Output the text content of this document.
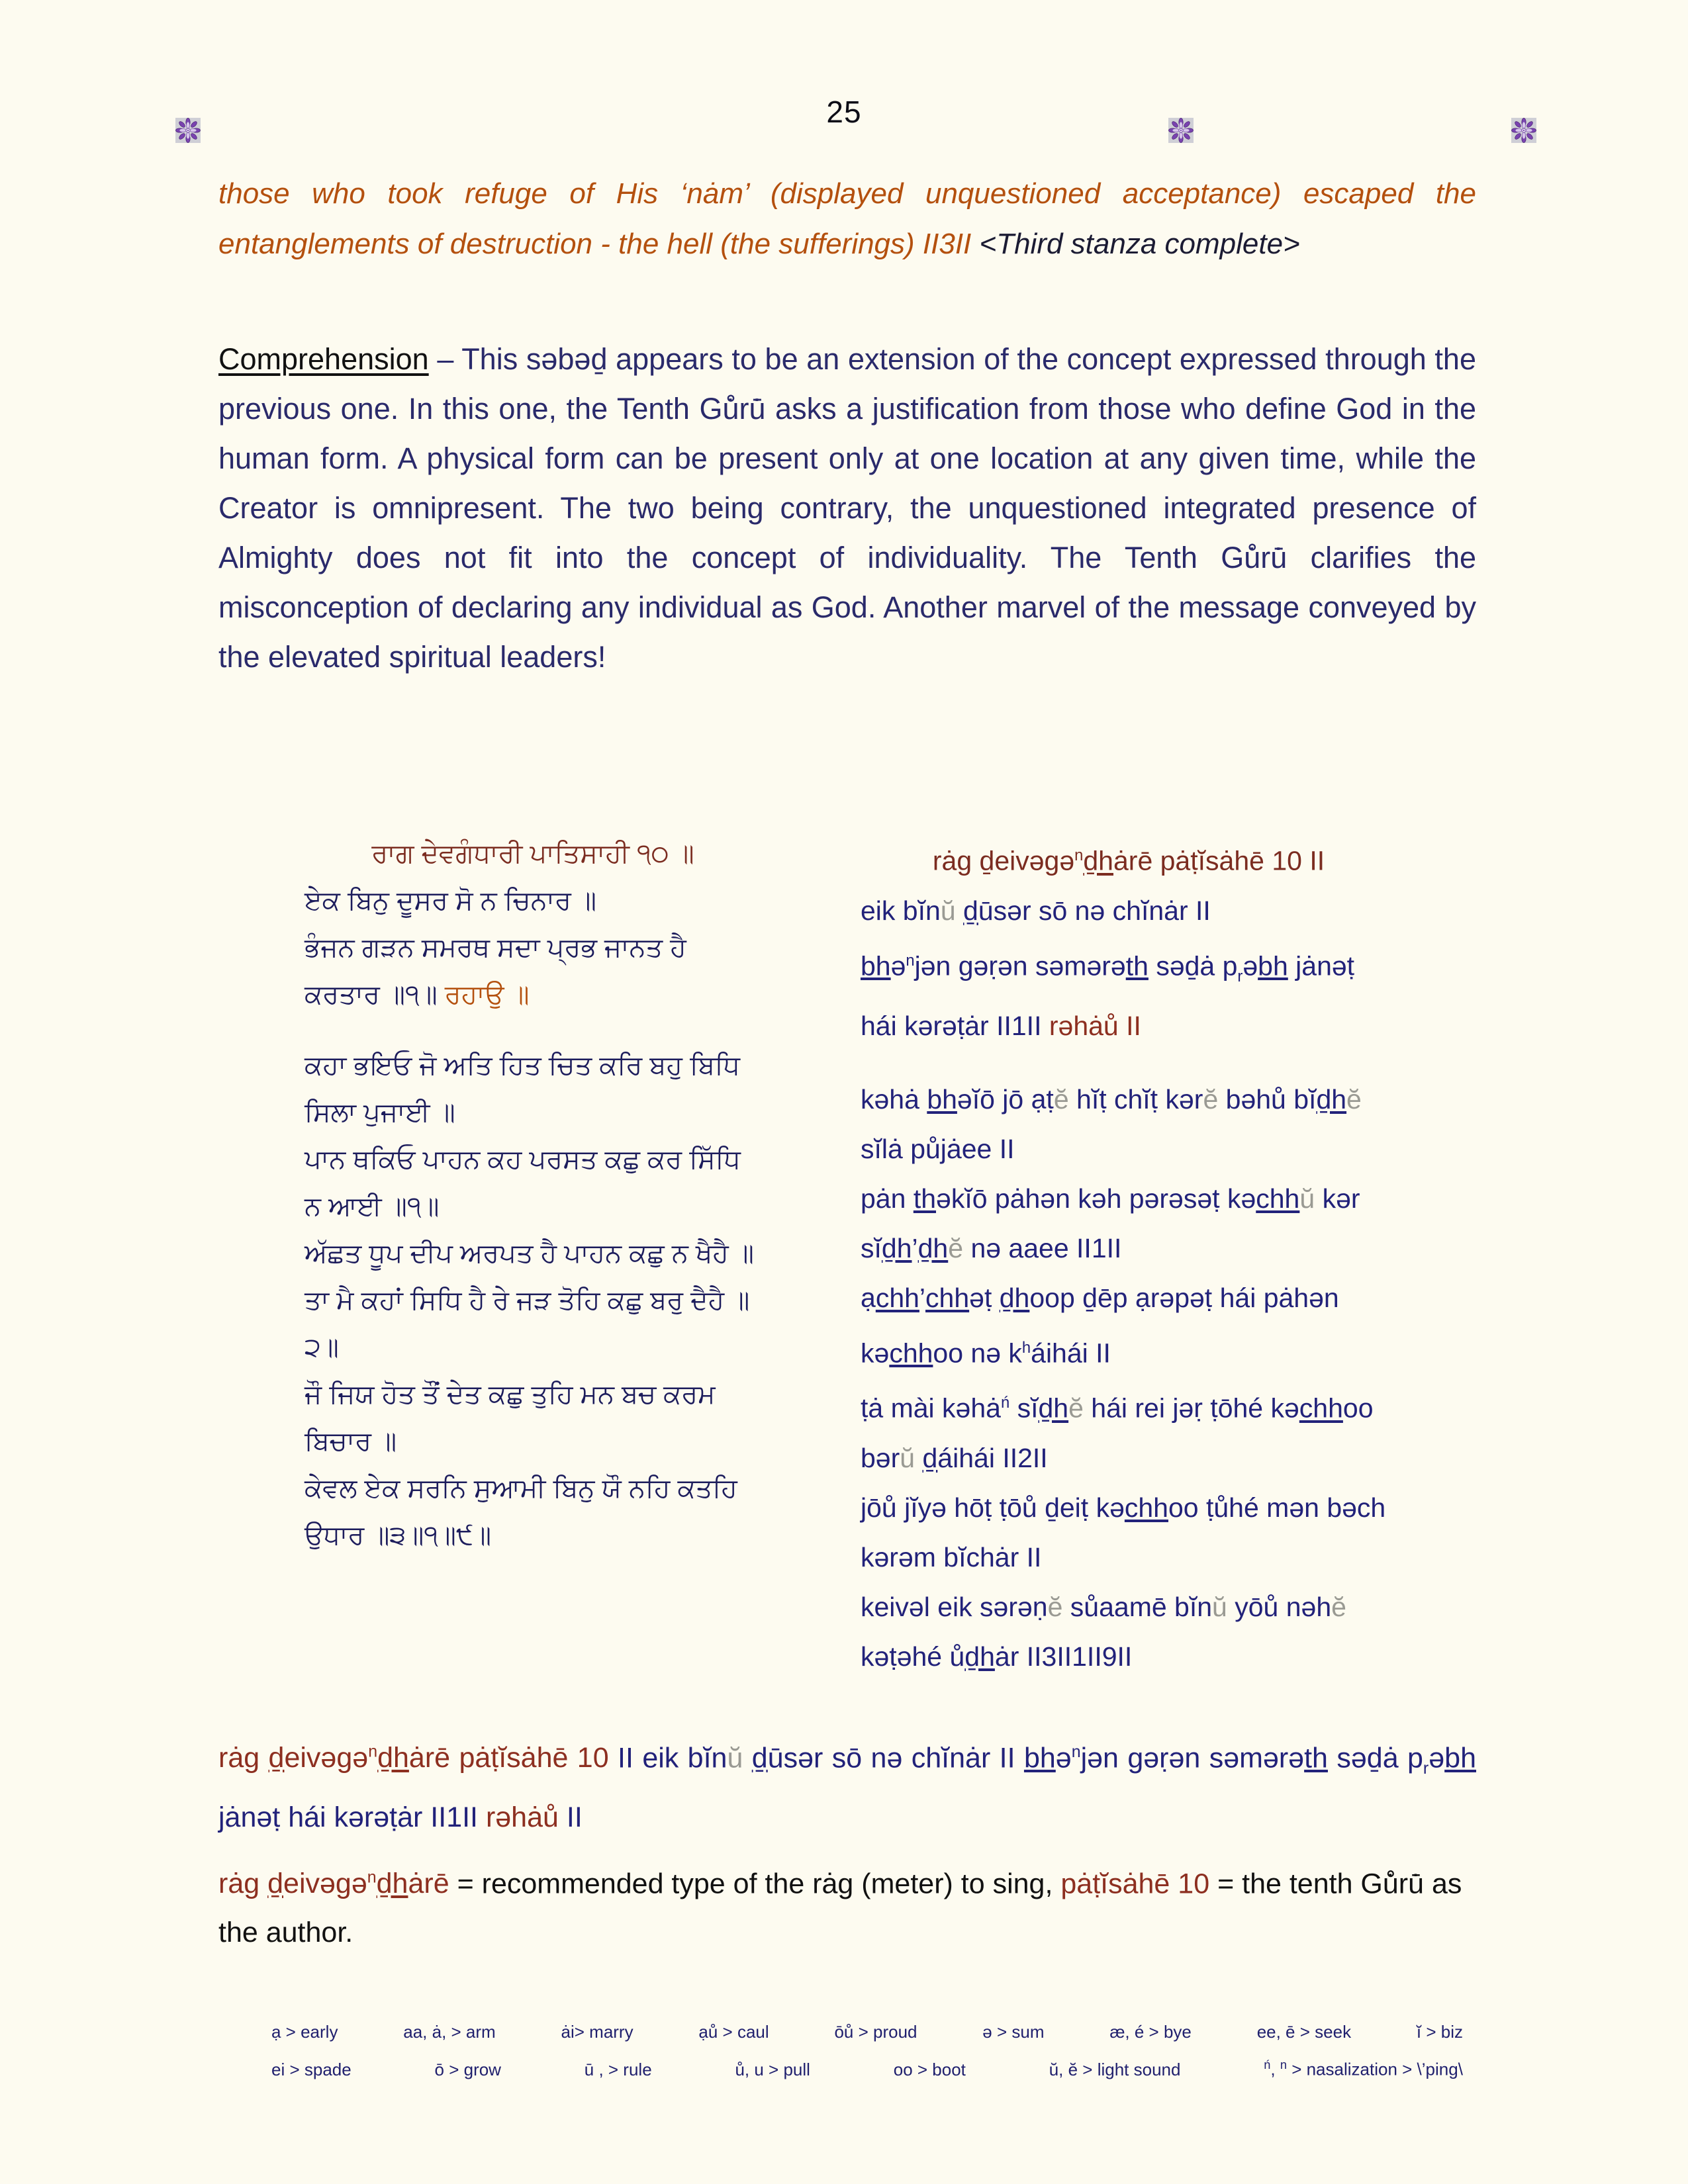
25
those who took refuge of His ‘nȧm’ (displayed unquestioned acceptance) escaped the entanglements of destruction - the hell (the sufferings) II3II <Third stanza complete>
Comprehension – This səbəḏ appears to be an extension of the concept expressed through the previous one. In this one, the Tenth Gů̇rū̇ asks a justification from those who define God in the human form. A physical form can be present only at one location at any given time, while the Creator is omnipresent. The two being contrary, the unquestioned integrated presence of Almighty does not fit into the concept of individuality. The Tenth Gů̇rū̇ clarifies the misconception of declaring any individual as God. Another marvel of the message conveyed by the elevated spiritual leaders!
ਰਾਗ ਦੇਵਗੰਧਾਰੀ ਪਾਤਿਸਾਹੀ ੧੦ ॥
ਏਕ ਬਿਨੁ ਦੂਸਰ ਸੋ ਨ ਚਿਨਾਰ ॥
ਭੰਜਨ ਗੜਨ ਸਮਰਥ ਸਦਾ ਪ੍ਰਭ ਜਾਨਤ ਹੈ ਕਰਤਾਰ ॥੧॥ ਰਹਾਉ ॥
ਕਹਾ ਭਇਓ ਜੋ ਅਤਿ ਹਿਤ ਚਿਤ ਕਰਿ ਬਹੁ ਬਿਧਿ ਸਿਲਾ ਪੁਜਾਈ ॥
ਪਾਨ ਥਕਿਓ ਪਾਹਨ ਕਹ ਪਰਸਤ ਕਛੁ ਕਰ ਸਿੱਧਿ ਨ ਆਈ ॥੧॥
ਅੱਛਤ ਧੂਪ ਦੀਪ ਅਰਪਤ ਹੈ ਪਾਹਨ ਕਛੁ ਨ ਖੈਹੈ ॥
ਤਾ ਮੈ ਕਹਾਂ ਸਿਧਿ ਹੈ ਰੇ ਜੜ ਤੋਹਿ ਕਛੁ ਬਰੁ ਦੈਹੈ ॥੨॥
ਜੌ ਜਿਯ ਹੋਤ ਤੌਂ ਦੇਤ ਕਛੁ ਤੁਹਿ ਮਨ ਬਚ ਕਰਮ ਬਿਚਾਰ ॥
ਕੇਵਲ ਏਕ ਸਰਨਿ ਸੁਆਮੀ ਬਿਨੁ ਯੌ ਨਹਿ ਕਤਹਿ ਉਧਾਰ ॥੩॥੧॥੯॥
rȧg ḏeivəgə$^n$ḏhȧrē pȧṭĭsȧhē 10 II
eik bĭnŭ ḏūsər sō nə chĭnȧr II
bhə$^n$jən gəṛən səmərəth səḏȧ $p_rəbh$ jȧnəṭ hái kərəṭȧr II1II rəhȧů II
kəhȧ bhəĭō jō ạṭĕ hĭṭ chĭṭ kərĕ bəhů bĭḏhĕ sĭlȧ půjȧee II
pȧn thəkĭō pȧhən kəh pərəsəṭ kəchhŭ kər sĭḏh’ḏhĕ nə aaee II1II
ạchh’chhəṭ ḏhoop ḏēp ạrəpəṭ hái pȧhən kəchhoo nə $k^háihái$ II
ṭȧ mài kəhȧ$^ń$ sĭḏhĕ hái rei jəṛ ṭōhé kəchhoo bərŭ ḏáihái II2II
jōů jĭyə hōṭ ṭōů ḏeiṭ kəchhoo ṭůhé mən bəch kərəm bĭchȧr II
keivəl eik sərəṇĕ sůaamē bĭnŭ yōů nəhĕ kəṭəhé ůḏhȧr II3II1II9II
rȧg ḏeivəgə$^n$ḏhȧrē pȧṭĭsȧhē 10 II eik bĭnŭ ḏūsər sō nə chĭnȧr II bhə$^n$jən gəṛən səmərəth səḏȧ $p_rəbh$ jȧnəṭ hái kərəṭȧr II1II rəhȧů II
rȧg ḏeivəgə$^n$ḏhȧrē = recommended type of the rȧg (meter) to sing, pȧṭĭsȧhē 10 = the tenth Gů̇rū̇ as the author.
ạ > early	aa, ȧ, > arm	ȧi> marry	ạů > caul	ōů > proud	ə > sum	æ, é > bye	ee, ē > seek	ĭ > biz
ei > spade	ō > grow	ū , > rule	ů, u > pull	oo > boot	ŭ, ĕ > light sound	$^ń$, $^n$ > nasalization > \’ping\
